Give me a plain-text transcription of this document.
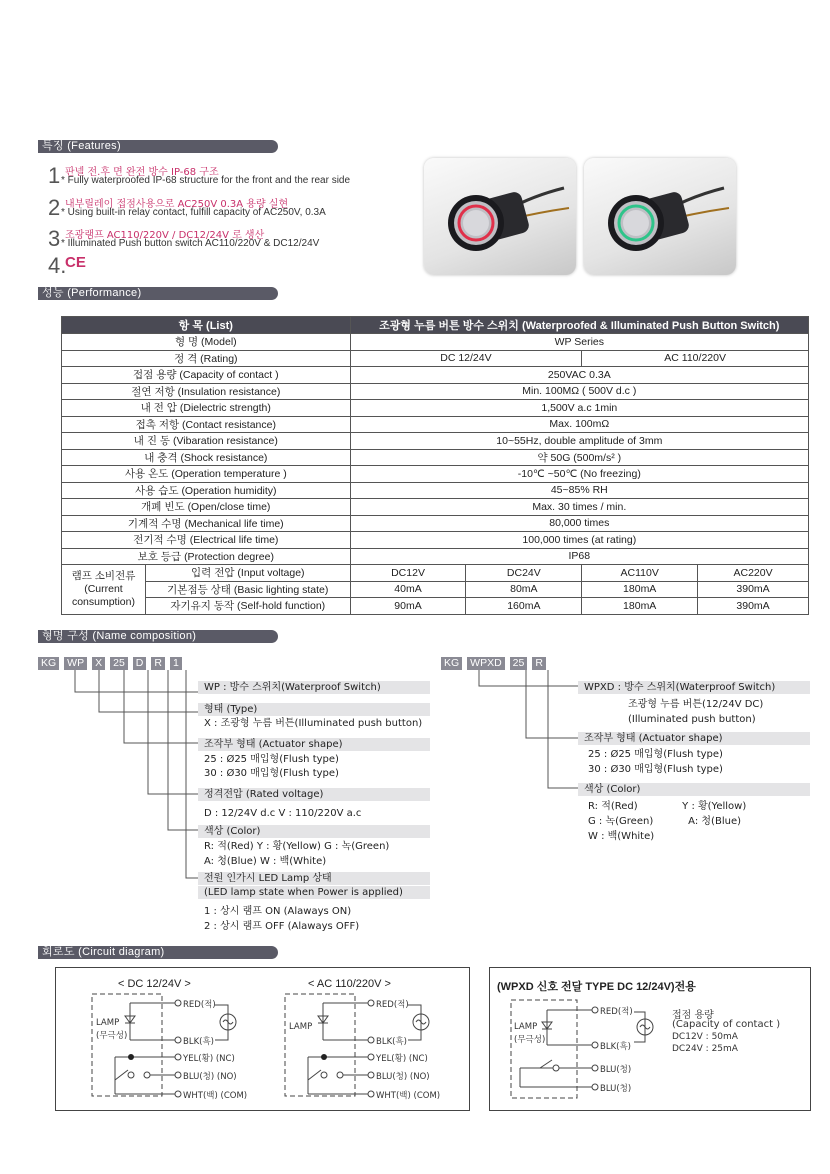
특징 (Features)
성능 (Performance)
형명 구성 (Name composition)
회로도 (Circuit diagram)
1 판넬 전.후 면 완전 방수 IP-68 구조
* Fully waterproofed IP-68 structure for the front and the rear side
2 내부릴레이 접점사용으로 AC250V 0.3A 용량 실현
* Using built-in relay contact, fulfill capacity of AC250V, 0.3A
3 조광램프 AC110/220V / DC12/24V 로 생산
* Illuminated Push button switch AC110/220V & DC12/24V
4.
CE
항 목 (List)		조광형 누름 버튼 방수 스위치 (Waterproofed & Illuminated Push Button Switch)			
형 명 (Model)		WP Series			
정 격 (Rating)		DC 12/24V		AC 110/220V	
접점 용량 (Capacity of contact )		250VAC 0.3A			
절연 저항 (Insulation resistance)		Min. 100MΩ ( 500V d.c )			
내 전 압 (Dielectric strength)		1,500V a.c 1min			
접촉 저항 (Contact resistance)		Max. 100mΩ			
내 진 동 (Vibaration resistance)		10~55Hz, double amplitude of 3mm			
내 충격 (Shock resistance)		약 50G (500m/s² )			
사용 온도 (Operation temperature )		-10℃ ~50℃ (No freezing)			
사용 습도 (Operation humidity)		45~85% RH			
개폐 빈도 (Open/close time)		Max. 30 times / min.			
기계적 수명 (Mechanical life time)		80,000 times			
전기적 수명 (Electrical life time)		100,000 times (at rating)			
보호 등급 (Protection degree)		IP68			

램프 소비전류
(Current
consumption)	입력 전압 (Input voltage)	DC12V	DC24V	AC110V	AC220V
	기본점등 상태 (Basic lighting state)	40mA	80mA	180mA	390mA
	자기유지 동작 (Self-hold function)	90mA	160mA	180mA	390mA
KG WP X 25 D R 1
WP : 방수 스위치(Waterproof Switch)
형태 (Type)
X : 조광형 누름 버튼(Illuminated push button)
조작부 형태 (Actuator shape)
25 : Ø25 매입형(Flush type)
30 : Ø30 매입형(Flush type)
정격전압 (Rated voltage)
D : 12/24V d.c V : 110/220V a.c
색상 (Color)
R: 적(Red) Y : 황(Yellow) G : 녹(Green)
A: 청(Blue) W : 백(White)
전원 인가시 LED Lamp 상태
(LED lamp state when Power is applied)
1 : 상시 램프 ON (Alaways ON)
2 : 상시 램프 OFF (Alaways OFF)
KG WPXD 25 R
WPXD : 방수 스위치(Waterproof Switch)
조광형 누름 버튼(12/24V DC)
(Illuminated push button)
조작부 형태 (Actuator shape)
25 : Ø25 매입형(Flush type)
30 : Ø30 매입형(Flush type)
색상 (Color)
R: 적(Red)              Y : 황(Yellow)
G : 녹(Green)           A: 청(Blue)
W : 백(White)
< DC 12/24V >	< AC 110/220V >	(WPXD 신호 전달 TYPE DC 12/24V)전용
LAMP
(무극성)
RED(적)
BLK(흑)
YEL(황) (NC)
BLU(청) (NO)
WHT(백) (COM)
LAMP
RED(적)
BLK(흑)
YEL(황) (NC)
BLU(청) (NO)
WHT(백) (COM)
LAMP
(무극성)
RED(적)
BLK(흑)
BLU(청)
BLU(청)
접점 용량
(Capacity of contact )
DC12V : 50mA
DC24V : 25mA
